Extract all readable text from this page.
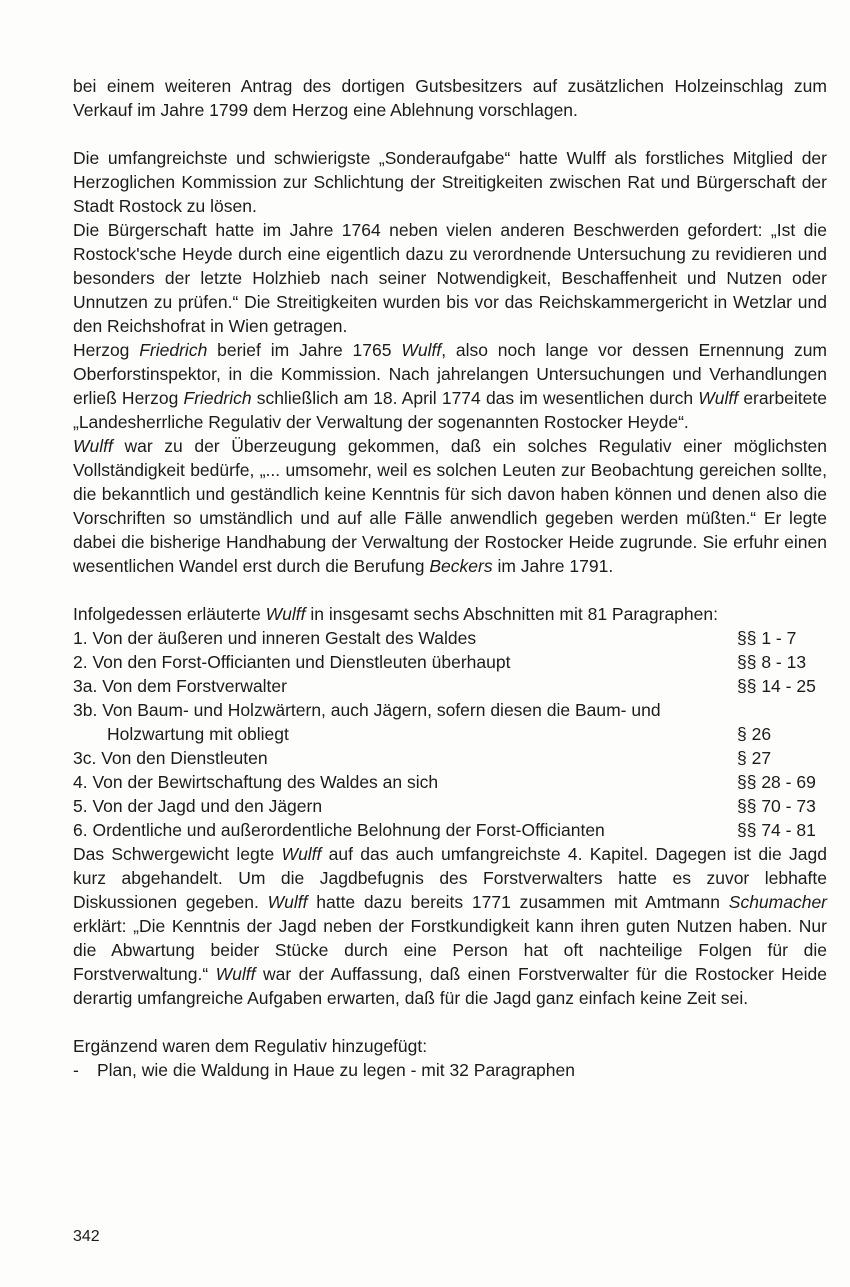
bei einem weiteren Antrag des dortigen Gutsbesitzers auf zusätzlichen Holzeinschlag zum Verkauf im Jahre 1799 dem Herzog eine Ablehnung vorschlagen.

Die umfangreichste und schwierigste „Sonderaufgabe“ hatte Wulff als forstliches Mitglied der Herzoglichen Kommission zur Schlichtung der Streitigkeiten zwischen Rat und Bürgerschaft der Stadt Rostock zu lösen.

Die Bürgerschaft hatte im Jahre 1764 neben vielen anderen Beschwerden gefordert: „Ist die Rostock'sche Heyde durch eine eigentlich dazu zu verordnende Untersuchung zu revidieren und besonders der letzte Holzhieb nach seiner Notwendigkeit, Beschaffenheit und Nutzen oder Unnutzen zu prüfen.“ Die Streitigkeiten wurden bis vor das Reichskammergericht in Wetzlar und den Reichshofrat in Wien getragen.

Herzog Friedrich berief im Jahre 1765 Wulff, also noch lange vor dessen Ernennung zum Oberforstinspektor, in die Kommission. Nach jahrelangen Untersuchungen und Verhandlungen erließ Herzog Friedrich schließlich am 18. April 1774 das im wesentlichen durch Wulff erarbeitete „Landesherrliche Regulativ der Verwaltung der sogenannten Rostocker Heyde“.

Wulff war zu der Überzeugung gekommen, daß ein solches Regulativ einer möglichsten Vollständigkeit bedürfe, „... umsomehr, weil es solchen Leuten zur Beobachtung gereichen sollte, die bekanntlich und geständlich keine Kenntnis für sich davon haben können und denen also die Vorschriften so umständlich und auf alle Fälle anwendlich gegeben werden müßten.“ Er legte dabei die bisherige Handhabung der Verwaltung der Rostocker Heide zugrunde. Sie erfuhr einen wesentlichen Wandel erst durch die Berufung Beckers im Jahre 1791.

Infolgedessen erläuterte Wulff in insgesamt sechs Abschnitten mit 81 Paragraphen:

1. Von der äußeren und inneren Gestalt des Waldes	§§ 1 - 7
2. Von den Forst-Officianten und Dienstleuten überhaupt	§§ 8 - 13
3a. Von dem Forstverwalter	§§ 14 - 25
3b. Von Baum- und Holzwärtern, auch Jägern, sofern diesen die Baum- und
Holzwartung mit obliegt	§ 26
3c. Von den Dienstleuten	§ 27
4. Von der Bewirtschaftung des Waldes an sich	§§ 28 - 69
5. Von der Jagd und den Jägern	§§ 70 - 73
6. Ordentliche und außerordentliche Belohnung der Forst-Officianten	§§ 74 - 81

Das Schwergewicht legte Wulff auf das auch umfangreichste 4. Kapitel. Dagegen ist die Jagd kurz abgehandelt. Um die Jagdbefugnis des Forstverwalters hatte es zuvor lebhafte Diskussionen gegeben. Wulff hatte dazu bereits 1771 zusammen mit Amtmann Schumacher erklärt: „Die Kenntnis der Jagd neben der Forstkundigkeit kann ihren guten Nutzen haben. Nur die Abwartung beider Stücke durch eine Person hat oft nachteilige Folgen für die Forstverwaltung.“ Wulff war der Auffassung, daß einen Forstverwalter für die Rostocker Heide derartig umfangreiche Aufgaben erwarten, daß für die Jagd ganz einfach keine Zeit sei.

Ergänzend waren dem Regulativ hinzugefügt:

- Plan, wie die Waldung in Haue zu legen - mit 32 Paragraphen
342
